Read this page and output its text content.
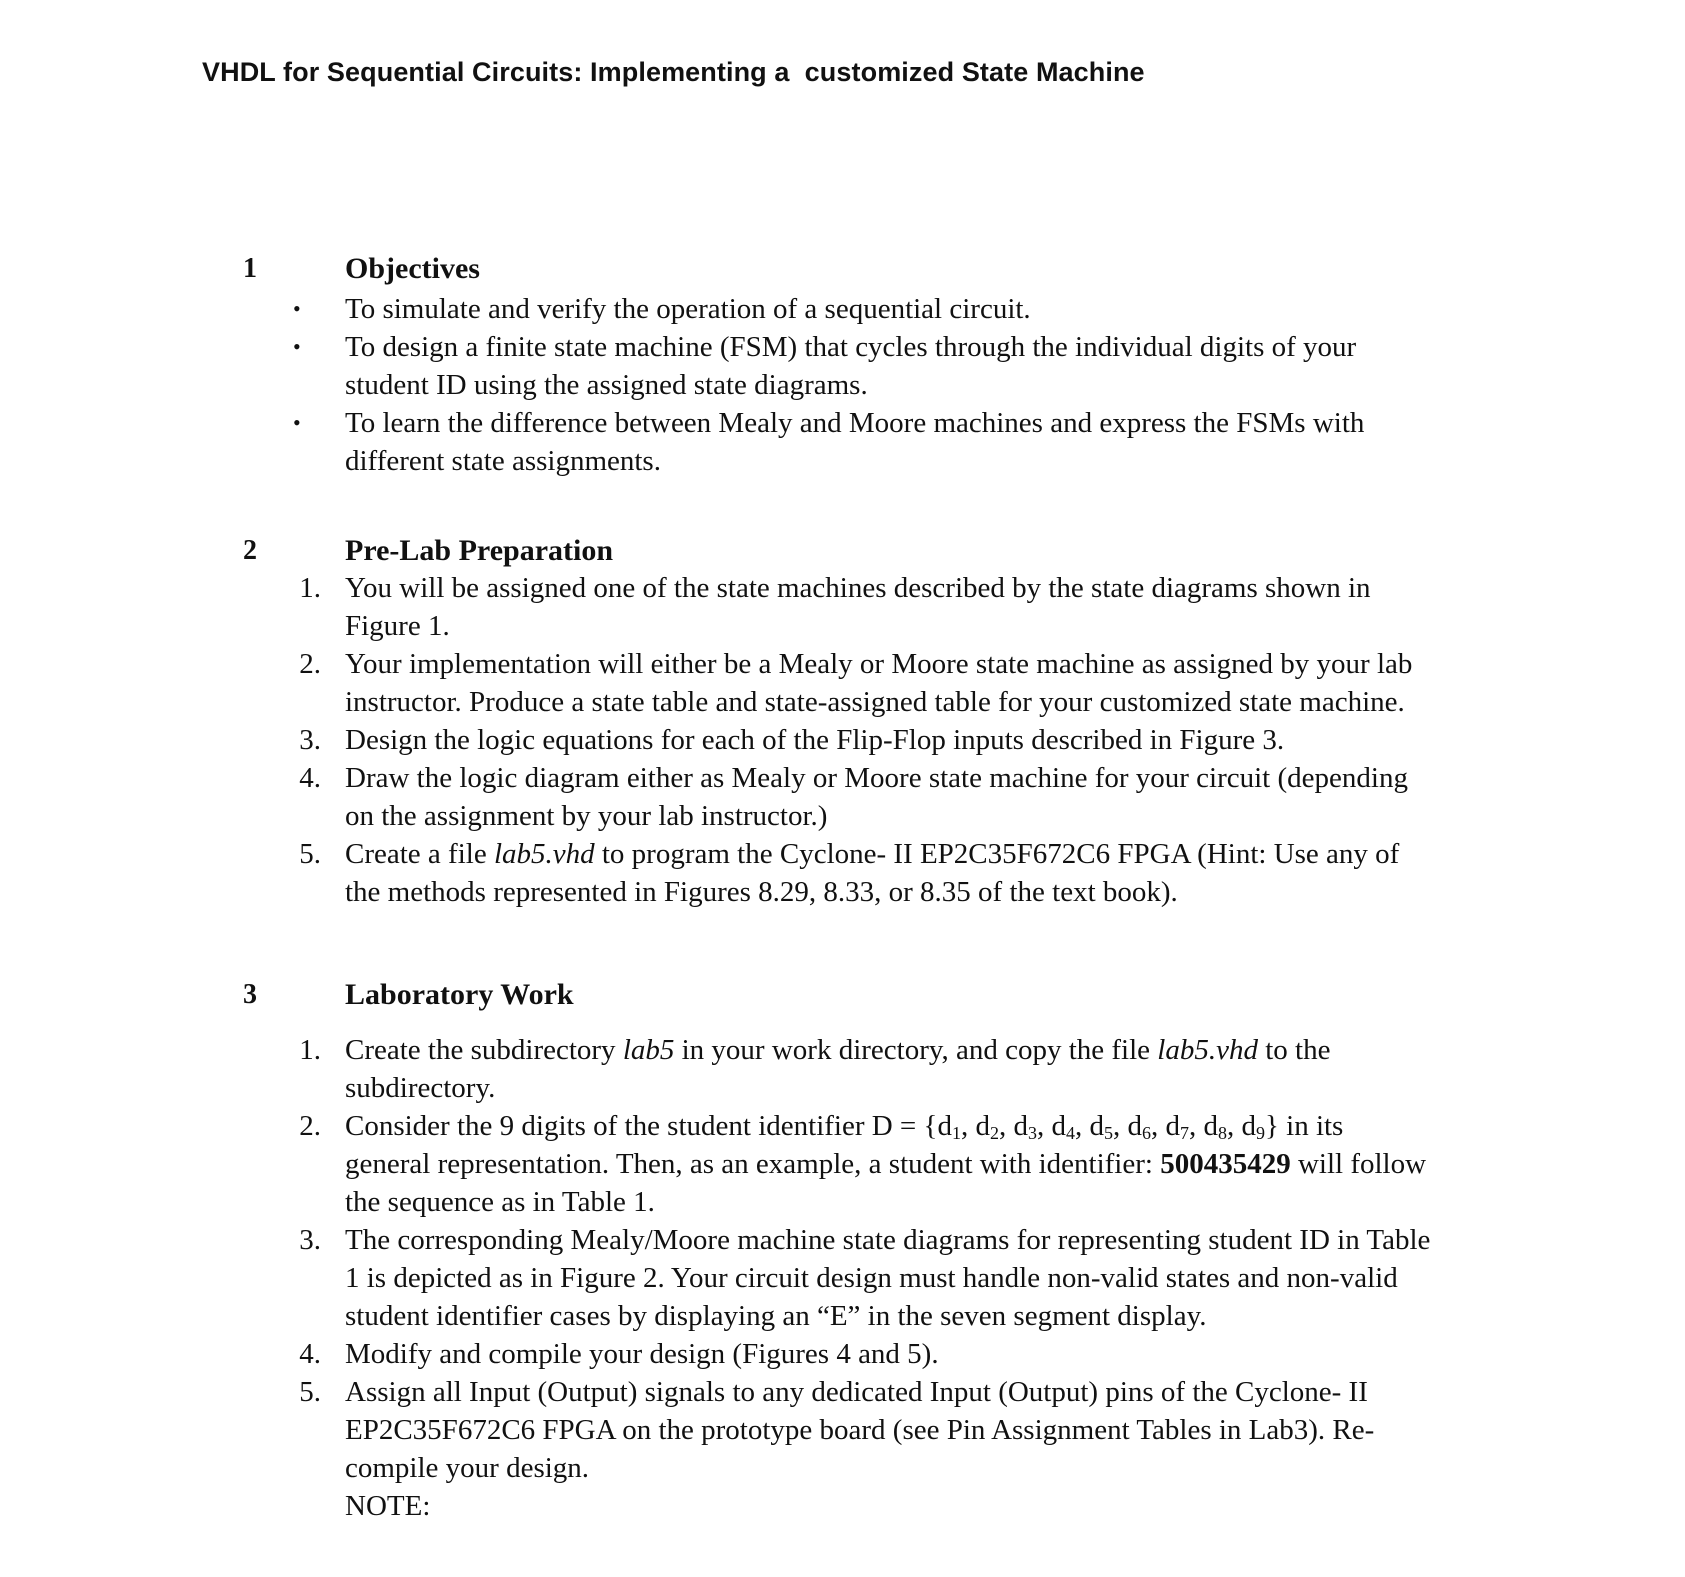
VHDL for Sequential Circuits: Implementing a  customized State Machine
1	Objectives
• To simulate and verify the operation of a sequential circuit.
• To design a finite state machine (FSM) that cycles through the individual digits of your
student ID using the assigned state diagrams.
• To learn the difference between Mealy and Moore machines and express the FSMs with
different state assignments.
2	Pre-Lab Preparation
1. You will be assigned one of the state machines described by the state diagrams shown in
Figure 1.
2. Your implementation will either be a Mealy or Moore state machine as assigned by your lab
instructor. Produce a state table and state-assigned table for your customized state machine.
3. Design the logic equations for each of the Flip-Flop inputs described in Figure 3.
4. Draw the logic diagram either as Mealy or Moore state machine for your circuit (depending
on the assignment by your lab instructor.)
5. Create a file lab5.vhd to program the Cyclone- II EP2C35F672C6 FPGA (Hint: Use any of
the methods represented in Figures 8.29, 8.33, or 8.35 of the text book).
3	Laboratory Work
1. Create the subdirectory lab5 in your work directory, and copy the file lab5.vhd to the
subdirectory.
2. Consider the 9 digits of the student identifier $D = \{d_1$, $d_2$, $d_3$, $d_4$, $d_5$, $d_6$, $d_7$, $d_8$, $d_9$} in its
general representation. Then, as an example, a student with identifier: 500435429 will follow
the sequence as in Table 1.
3. The corresponding Mealy/Moore machine state diagrams for representing student ID in Table
1 is depicted as in Figure 2. Your circuit design must handle non-valid states and non-valid
student identifier cases by displaying an “E” in the seven segment display.
4. Modify and compile your design (Figures 4 and 5).
5. Assign all Input (Output) signals to any dedicated Input (Output) pins of the Cyclone- II
EP2C35F672C6 FPGA on the prototype board (see Pin Assignment Tables in Lab3). Re-
compile your design.
NOTE:
